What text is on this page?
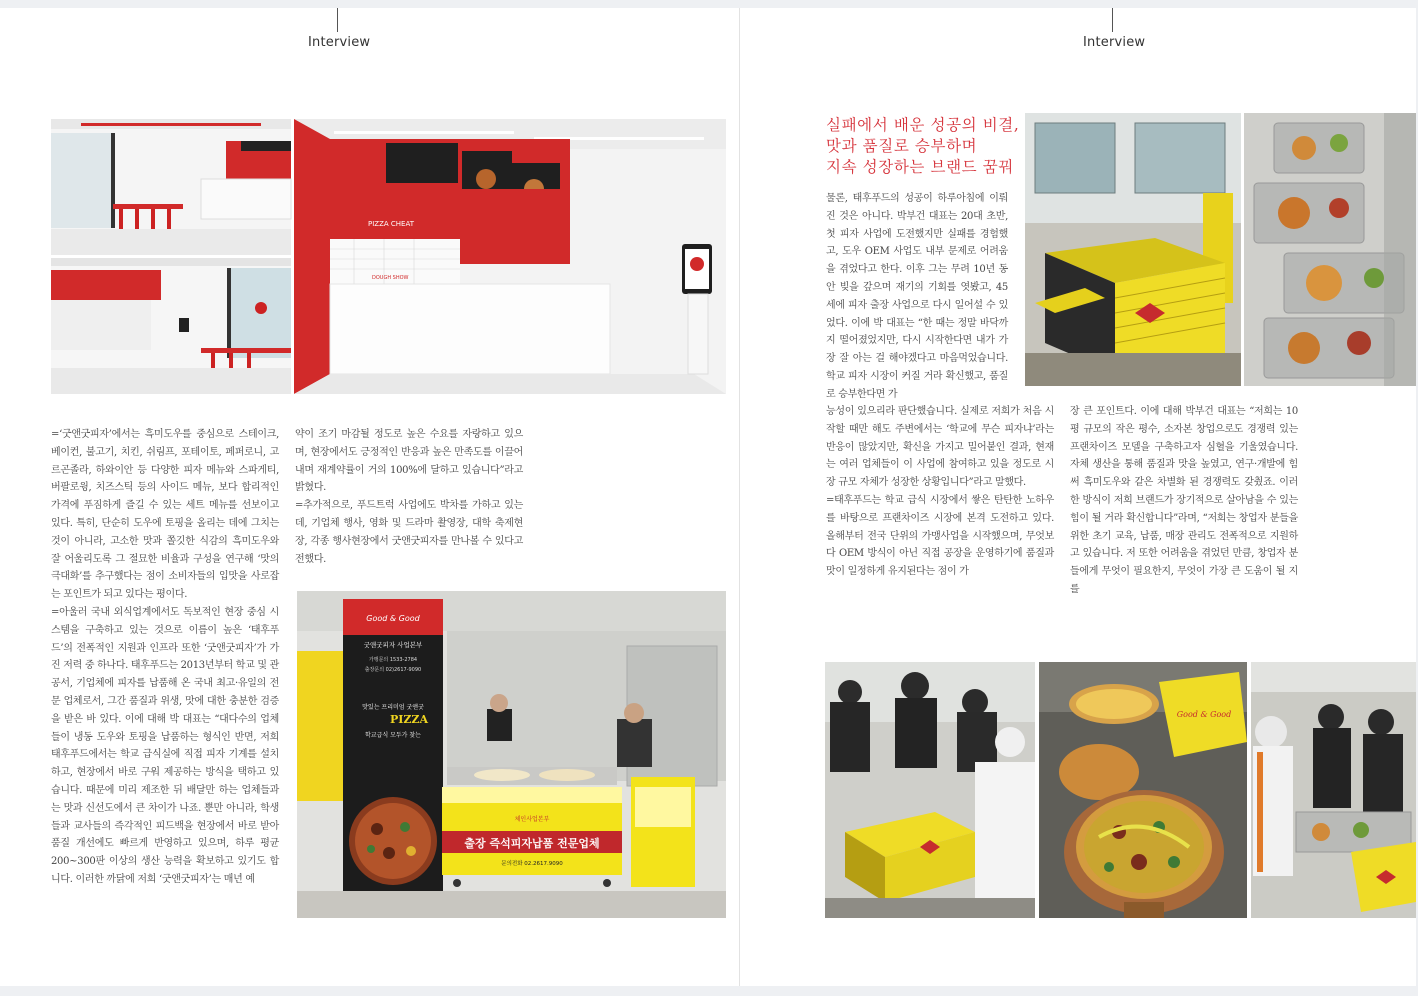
Interview
PIZZA CHEAT
DOUGH SHOW
=‘굿앤굿피자’에서는 흑미도우를 중심으로 스테이크, 베이컨, 불고기, 치킨, 쉬림프, 포테이토, 페퍼로니, 고르곤졸라, 하와이안 등 다양한 피자 메뉴와 스파게티, 버팔로윙, 치즈스틱 등의 사이드 메뉴, 보다 합리적인 가격에 푸짐하게 즐길 수 있는 세트 메뉴를 선보이고 있다. 특히, 단순히 도우에 토핑을 올리는 데에 그치는 것이 아니라, 고소한 맛과 쫄깃한 식감의 흑미도우와 잘 어울리도록 그 절묘한 비율과 구성을 연구해 ‘맛의 극대화’를 추구했다는 점이 소비자들의 입맛을 사로잡는 포인트가 되고 있다는 평이다.
=아울러 국내 외식업계에서도 독보적인 현장 중심 시스템을 구축하고 있는 것으로 이름이 높은 ‘태후푸드’의 전폭적인 지원과 인프라 또한 ‘굿앤굿피자’가 가진 저력 중 하나다. 태후푸드는 2013년부터 학교 및 관공서, 기업체에 피자를 납품해 온 국내 최고·유일의 전문 업체로서, 그간 품질과 위생, 맛에 대한 충분한 검증을 받은 바 있다. 이에 대해 박 대표는 “대다수의 업체들이 냉동 도우와 토핑을 납품하는 형식인 반면, 저희 태후푸드에서는 학교 급식실에 직접 피자 기계를 설치하고, 현장에서 바로 구워 제공하는 방식을 택하고 있습니다. 때문에 미리 제조한 뒤 배달만 하는 업체들과는 맛과 신선도에서 큰 차이가 나죠. 뿐만 아니라, 학생들과 교사들의 즉각적인 피드백을 현장에서 바로 받아 품질 개선에도 빠르게 반영하고 있으며, 하루 평균 200~300판 이상의 생산 능력을 확보하고 있기도 합니다. 이러한 까닭에 저희 ‘굿앤굿피자’는 매년 예
약이 조기 마감될 정도로 높은 수요를 자랑하고 있으며, 현장에서도 긍정적인 반응과 높은 만족도를 이끌어내며 재계약률이 거의 100%에 달하고 있습니다”라고 밝혔다.
=추가적으로, 푸드트럭 사업에도 박차를 가하고 있는데, 기업체 행사, 영화 및 드라마 촬영장, 대학 축제현장, 각종 행사현장에서 굿앤굿피자를 만나볼 수 있다고 전했다.
Good & Good
굿앤굿피자 사업본부
가맹문의 1533-2784
출장문의 02)2617-9090
맛있는 프리미엄 굿앤굿
PIZZA
학교급식 모두가 찾는
체인사업본부
출장 즉석피자납품 전문업체
문의전화 02.2617.9090
Interview
실패에서 배운 성공의 비결,
맛과 품질로 승부하며
지속 성장하는 브랜드 꿈꿔
물론, 태후푸드의 성공이 하루아침에 이뤄진 것은 아니다. 박부건 대표는 20대 초반, 첫 피자 사업에 도전했지만 실패를 경험했고, 도우 OEM 사업도 내부 문제로 어려움을 겪었다고 한다. 이후 그는 무려 10년 동안 빚을 갚으며 재기의 기회를 엿봤고, 45세에 피자 출장 사업으로 다시 일어설 수 있었다. 이에 박 대표는 “한 때는 정말 바닥까지 떨어졌었지만, 다시 시작한다면 내가 가장 잘 아는 걸 해야겠다고 마음먹었습니다. 학교 피자 시장이 커질 거라 확신했고, 품질로 승부한다면 가
능성이 있으리라 판단했습니다. 실제로 저희가 처음 시작할 때만 해도 주변에서는 ‘학교에 무슨 피자냐’라는 반응이 많았지만, 확신을 가지고 밀어붙인 결과, 현재는 여러 업체들이 이 사업에 참여하고 있을 정도로 시장 규모 자체가 성장한 상황입니다”라고 말했다.
=태후푸드는 학교 급식 시장에서 쌓은 탄탄한 노하우를 바탕으로 프랜차이즈 시장에 본격 도전하고 있다. 올해부터 전국 단위의 가맹사업을 시작했으며, 무엇보다 OEM 방식이 아닌 직접 공장을 운영하기에 품질과 맛이 일정하게 유지된다는 점이 가
장 큰 포인트다. 이에 대해 박부건 대표는 “저희는 10평 규모의 작은 평수, 소자본 창업으로도 경쟁력 있는 프랜차이즈 모델을 구축하고자 심혈을 기울였습니다. 자체 생산을 통해 품질과 맛을 높였고, 연구·개발에 힘써 흑미도우와 같은 차별화 된 경쟁력도 갖췄죠. 이러한 방식이 저희 브랜드가 장기적으로 살아남을 수 있는 힘이 될 거라 확신합니다”라며, “저희는 창업자 분들을 위한 초기 교육, 납품, 매장 관리도 전폭적으로 지원하고 있습니다. 저 또한 어려움을 겪었던 만큼, 창업자 분들에게 무엇이 필요한지, 무엇이 가장 큰 도움이 될 지를
Good & Good
